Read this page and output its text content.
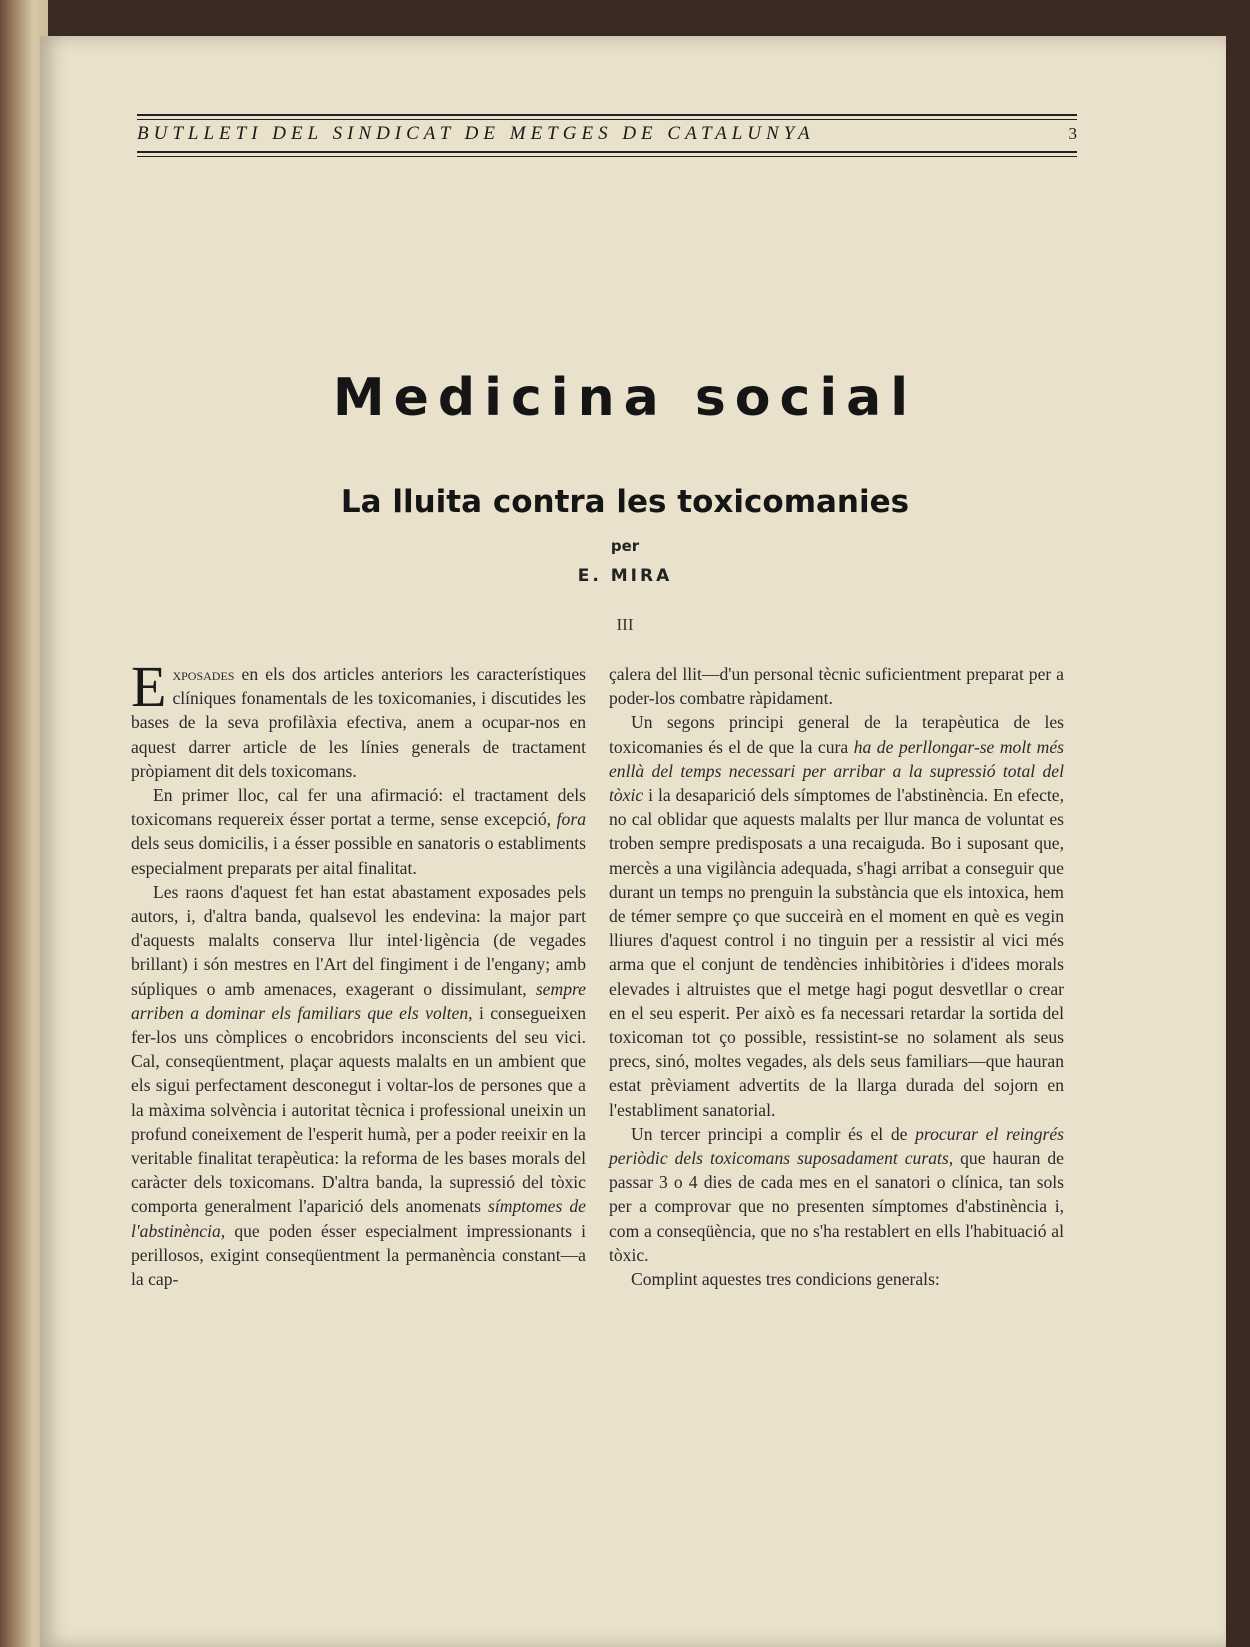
BUTLLETI DEL SINDICAT DE METGES DE CATALUNYA	3
Medicina social
La lluita contra les toxicomanies
per
E. MIRA
III

Exposades en els dos articles anteriors les característiques clíniques fonamentals de les toxicomanies, i discutides les bases de la seva profilàxia efectiva, anem a ocupar-nos en aquest darrer article de les línies generals de tractament pròpiament dit dels toxicomans.

En primer lloc, cal fer una afirmació: el tractament dels toxicomans requereix ésser portat a terme, sense excepció, fora dels seus domicilis, i a ésser possible en sanatoris o establiments especialment preparats per aital finalitat.

Les raons d'aquest fet han estat abastament exposades pels autors, i, d'altra banda, qualsevol les endevina: la major part d'aquests malalts conserva llur intel·ligència (de vegades brillant) i són mestres en l'Art del fingiment i de l'engany; amb súpliques o amb amenaces, exagerant o dissimulant, sempre arriben a dominar els familiars que els volten, i consegueixen fer-los uns còmplices o encobridors inconscients del seu vici. Cal, conseqüentment, plaçar aquests malalts en un ambient que els sigui perfectament desconegut i voltar-los de persones que a la màxima solvència i autoritat tècnica i professional uneixin un profund coneixement de l'esperit humà, per a poder reeixir en la veritable finalitat terapèutica: la reforma de les bases morals del caràcter dels toxicomans. D'altra banda, la supressió del tòxic comporta generalment l'aparició dels anomenats símptomes de l'abstinència, que poden ésser especialment impressionants i perillosos, exigint conseqüentment la permanència constant—a la cap-

çalera del llit—d'un personal tècnic suficientment preparat per a poder-los combatre ràpidament.

Un segons principi general de la terapèutica de les toxicomanies és el de que la cura ha de perllongar-se molt més enllà del temps necessari per arribar a la supressió total del tòxic i la desaparició dels símptomes de l'abstinència. En efecte, no cal oblidar que aquests malalts per llur manca de voluntat es troben sempre predisposats a una recaiguda. Bo i suposant que, mercès a una vigilància adequada, s'hagi arribat a conseguir que durant un temps no prenguin la substància que els intoxica, hem de témer sempre ço que succeirà en el moment en què es vegin lliures d'aquest control i no tinguin per a ressistir al vici més arma que el conjunt de tendències inhibitòries i d'idees morals elevades i altruistes que el metge hagi pogut desvetllar o crear en el seu esperit. Per això es fa necessari retardar la sortida del toxicoman tot ço possible, ressistint-se no solament als seus precs, sinó, moltes vegades, als dels seus familiars—que hauran estat prèviament advertits de la llarga durada del sojorn en l'establiment sanatorial.

Un tercer principi a complir és el de procurar el reingrés periòdic dels toxicomans suposadament curats, que hauran de passar 3 o 4 dies de cada mes en el sanatori o clínica, tan sols per a comprovar que no presenten símptomes d'abstinència i, com a conseqüència, que no s'ha restablert en ells l'habituació al tòxic.

Complint aquestes tres condicions generals:
